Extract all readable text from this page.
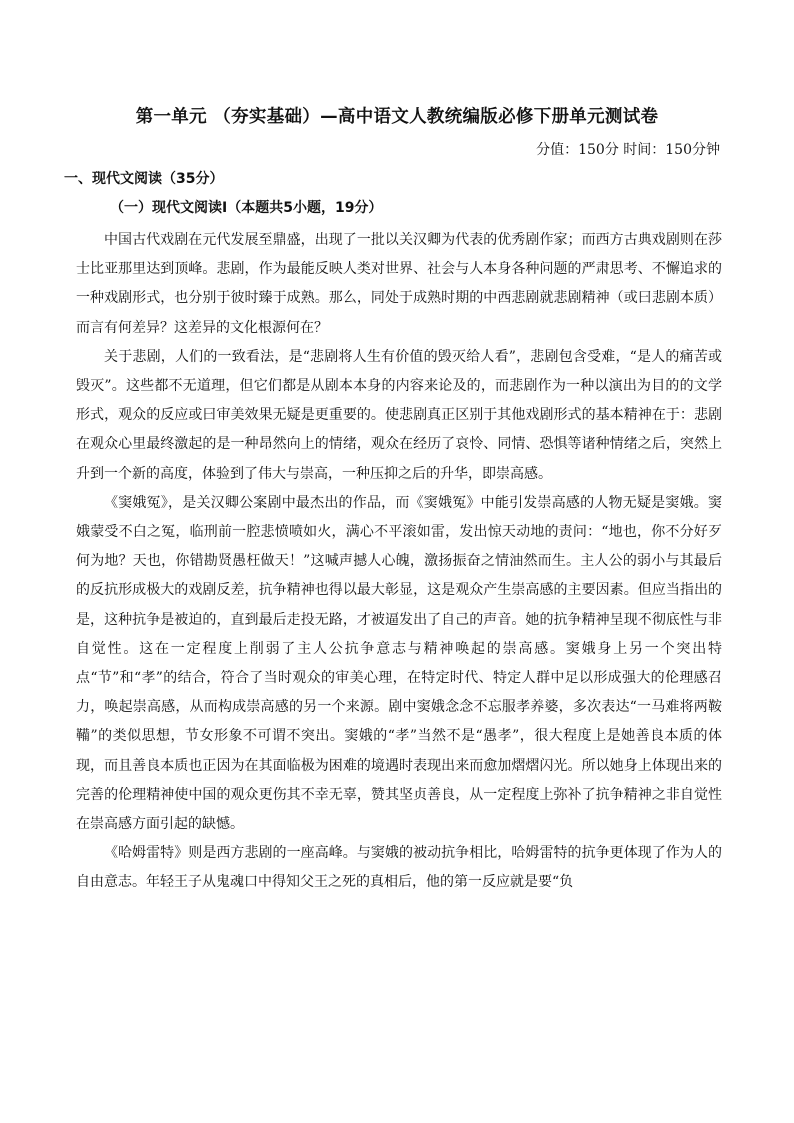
第一单元 （夯实基础）—高中语文人教统编版必修下册单元测试卷
分值：150分 时间：150分钟
一、现代文阅读（35分）
（一）现代文阅读Ⅰ（本题共5小题，19分）

中国古代戏剧在元代发展至鼎盛，出现了一批以关汉卿为代表的优秀剧作家；而西方古典戏剧则在莎士比亚那里达到顶峰。悲剧，作为最能反映人类对世界、社会与人本身各种问题的严肃思考、不懈追求的一种戏剧形式，也分别于彼时臻于成熟。那么，同处于成熟时期的中西悲剧就悲剧精神（或曰悲剧本质）而言有何差异？这差异的文化根源何在？

关于悲剧，人们的一致看法，是“悲剧将人生有价值的毁灭给人看”，悲剧包含受难，“是人的痛苦或毁灭”。这些都不无道理，但它们都是从剧本本身的内容来论及的，而悲剧作为一种以演出为目的的文学形式，观众的反应或曰审美效果无疑是更重要的。使悲剧真正区别于其他戏剧形式的基本精神在于：悲剧在观众心里最终激起的是一种昂然向上的情绪，观众在经历了哀怜、同情、恐惧等诸种情绪之后，突然上升到一个新的高度，体验到了伟大与崇高，一种压抑之后的升华，即崇高感。

《窦娥冤》，是关汉卿公案剧中最杰出的作品，而《窦娥冤》中能引发崇高感的人物无疑是窦娥。窦娥蒙受不白之冤，临刑前一腔悲愤喷如火，满心不平滚如雷，发出惊天动地的责问：“地也，你不分好歹何为地？天也，你错勘贤愚枉做天！”这喊声撼人心魄，激扬振奋之情油然而生。主人公的弱小与其最后的反抗形成极大的戏剧反差，抗争精神也得以最大彰显，这是观众产生崇高感的主要因素。但应当指出的是，这种抗争是被迫的，直到最后走投无路，才被逼发出了自己的声音。她的抗争精神呈现不彻底性与非自觉性。这在一定程度上削弱了主人公抗争意志与精神唤起的崇高感。窦娥身上另一个突出特点“节”和“孝”的结合，符合了当时观众的审美心理，在特定时代、特定人群中足以形成强大的伦理感召力，唤起崇高感，从而构成崇高感的另一个来源。剧中窦娥念念不忘服孝养婆，多次表达“一马难将两鞍鞴”的类似思想，节女形象不可谓不突出。窦娥的“孝”当然不是“愚孝”，很大程度上是她善良本质的体现，而且善良本质也正因为在其面临极为困难的境遇时表现出来而愈加熠熠闪光。所以她身上体现出来的完善的伦理精神使中国的观众更伤其不幸无辜，赞其坚贞善良，从一定程度上弥补了抗争精神之非自觉性在崇高感方面引起的缺憾。

《哈姆雷特》则是西方悲剧的一座高峰。与窦娥的被动抗争相比，哈姆雷特的抗争更体现了作为人的自由意志。年轻王子从鬼魂口中得知父王之死的真相后，他的第一反应就是要“负
